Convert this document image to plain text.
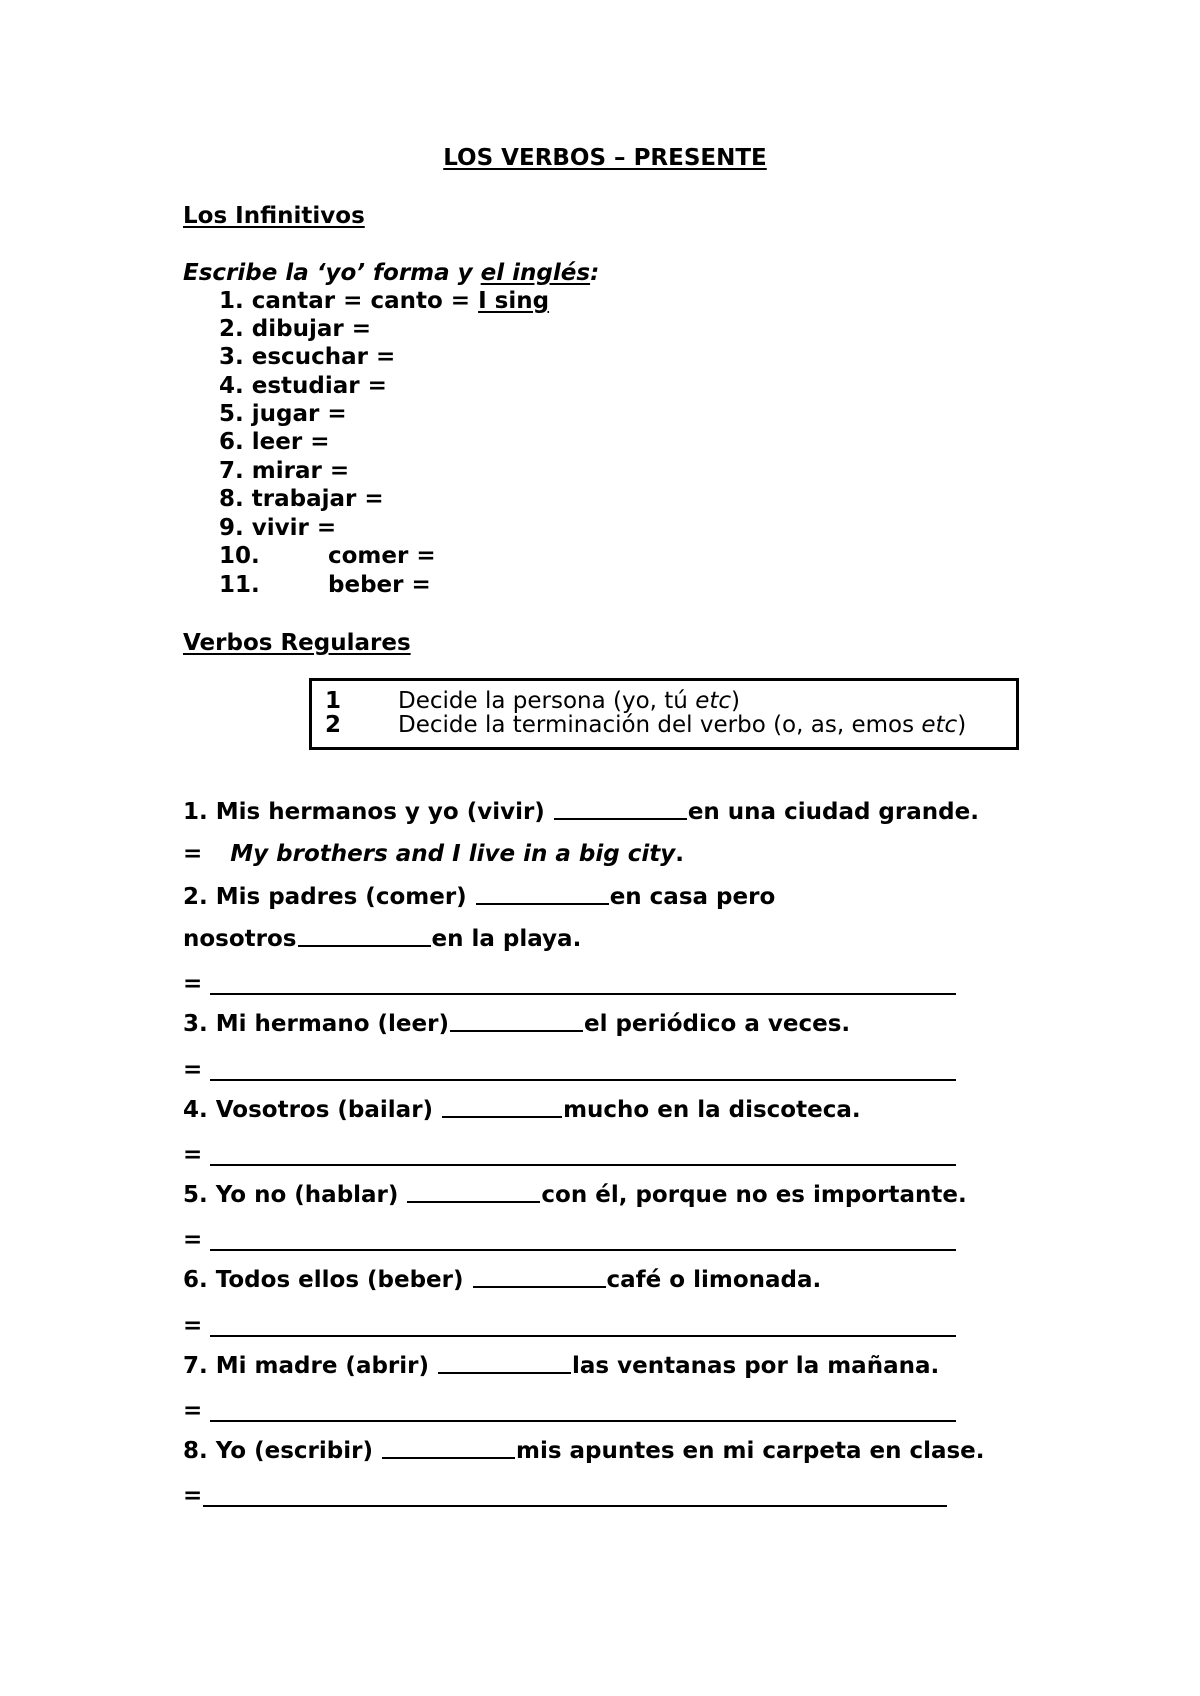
LOS VERBOS – PRESENTE
Los Infinitivos
Escribe la ‘yo’ forma y el inglés:
1. cantar = canto = I sing
2. dibujar =
3. escuchar =
4. estudiar =
5. jugar =
6. leer =
7. mirar =
8. trabajar =
9. vivir =
10.	comer =
11.	beber =
Verbos Regulares
1 Decide la persona (yo, tú etc)
2 Decide la terminación del verbo (o, as, emos etc)
1. Mis hermanos y yo (vivir)	en una ciudad grande.
= My brothers and I live in a big city.
2. Mis padres (comer)	en casa pero
nosotros	en la playa.
=
3. Mi hermano (leer)	el periódico a veces.
=
4. Vosotros (bailar)	mucho en la discoteca.
=
5. Yo no (hablar)	con él, porque no es importante.
=
6. Todos ellos (beber)	café o limonada.
=
7. Mi madre (abrir)	las ventanas por la mañana.
=
8. Yo (escribir)	mis apuntes en mi carpeta en clase.
=
